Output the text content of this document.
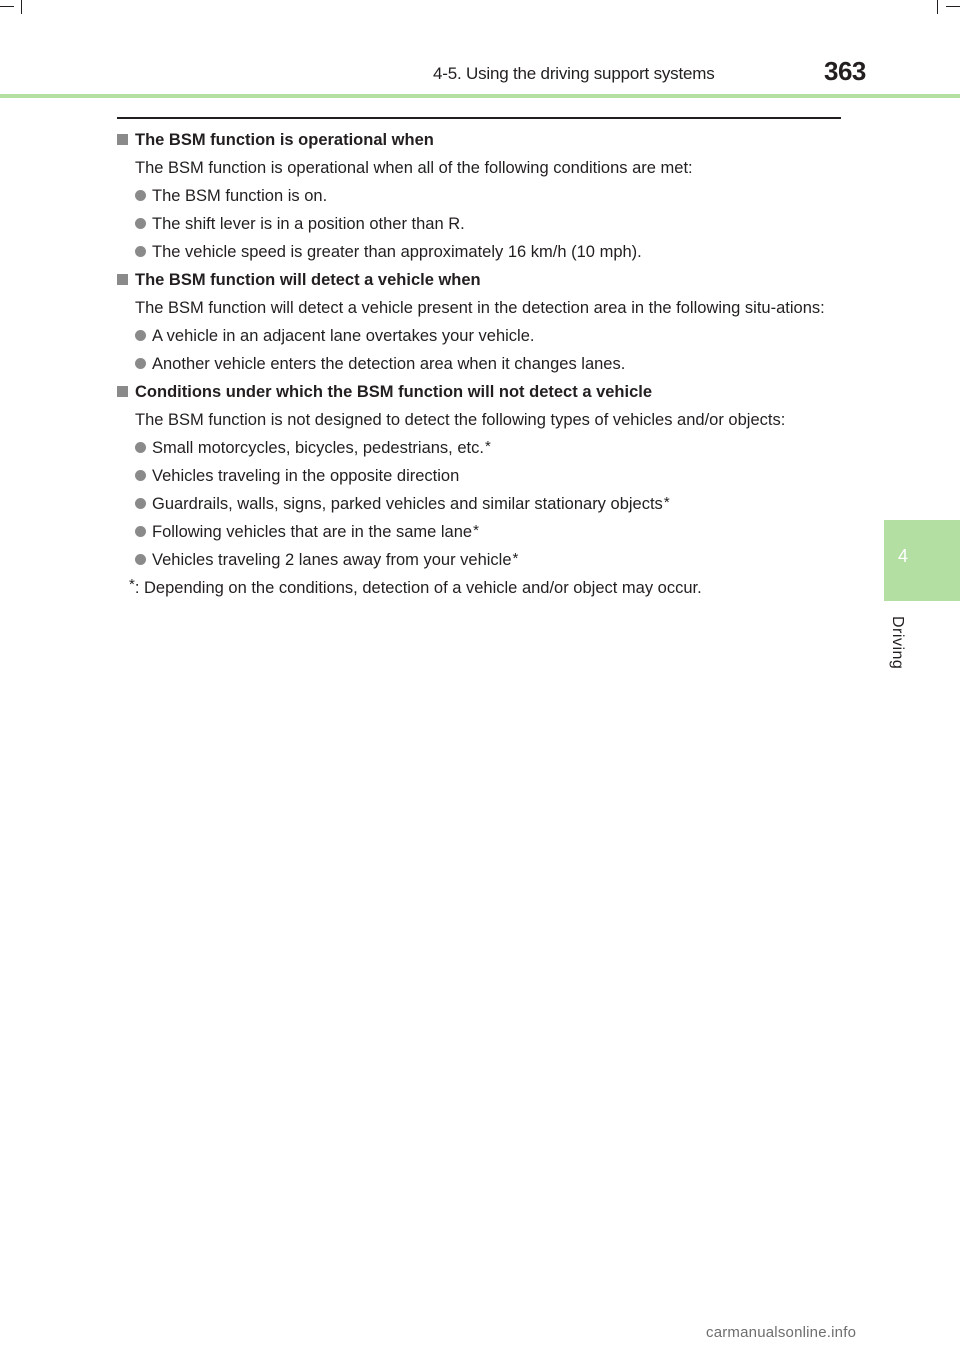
4-5. Using the driving support systems	363
4
Driving
The BSM function is operational when
The BSM function is operational when all of the following conditions are met:
The BSM function is on.
The shift lever is in a position other than R.
The vehicle speed is greater than approximately 16 km/h (10 mph).
The BSM function will detect a vehicle when
The BSM function will detect a vehicle present in the detection area in the following situ-ations:
A vehicle in an adjacent lane overtakes your vehicle.
Another vehicle enters the detection area when it changes lanes.
Conditions under which the BSM function will not detect a vehicle
The BSM function is not designed to detect the following types of vehicles and/or objects:
Small motorcycles, bicycles, pedestrians, etc.*
Vehicles traveling in the opposite direction
Guardrails, walls, signs, parked vehicles and similar stationary objects*
Following vehicles that are in the same lane*
Vehicles traveling 2 lanes away from your vehicle*
* : Depending on the conditions, detection of a vehicle and/or object may occur.
carmanualsonline.info
